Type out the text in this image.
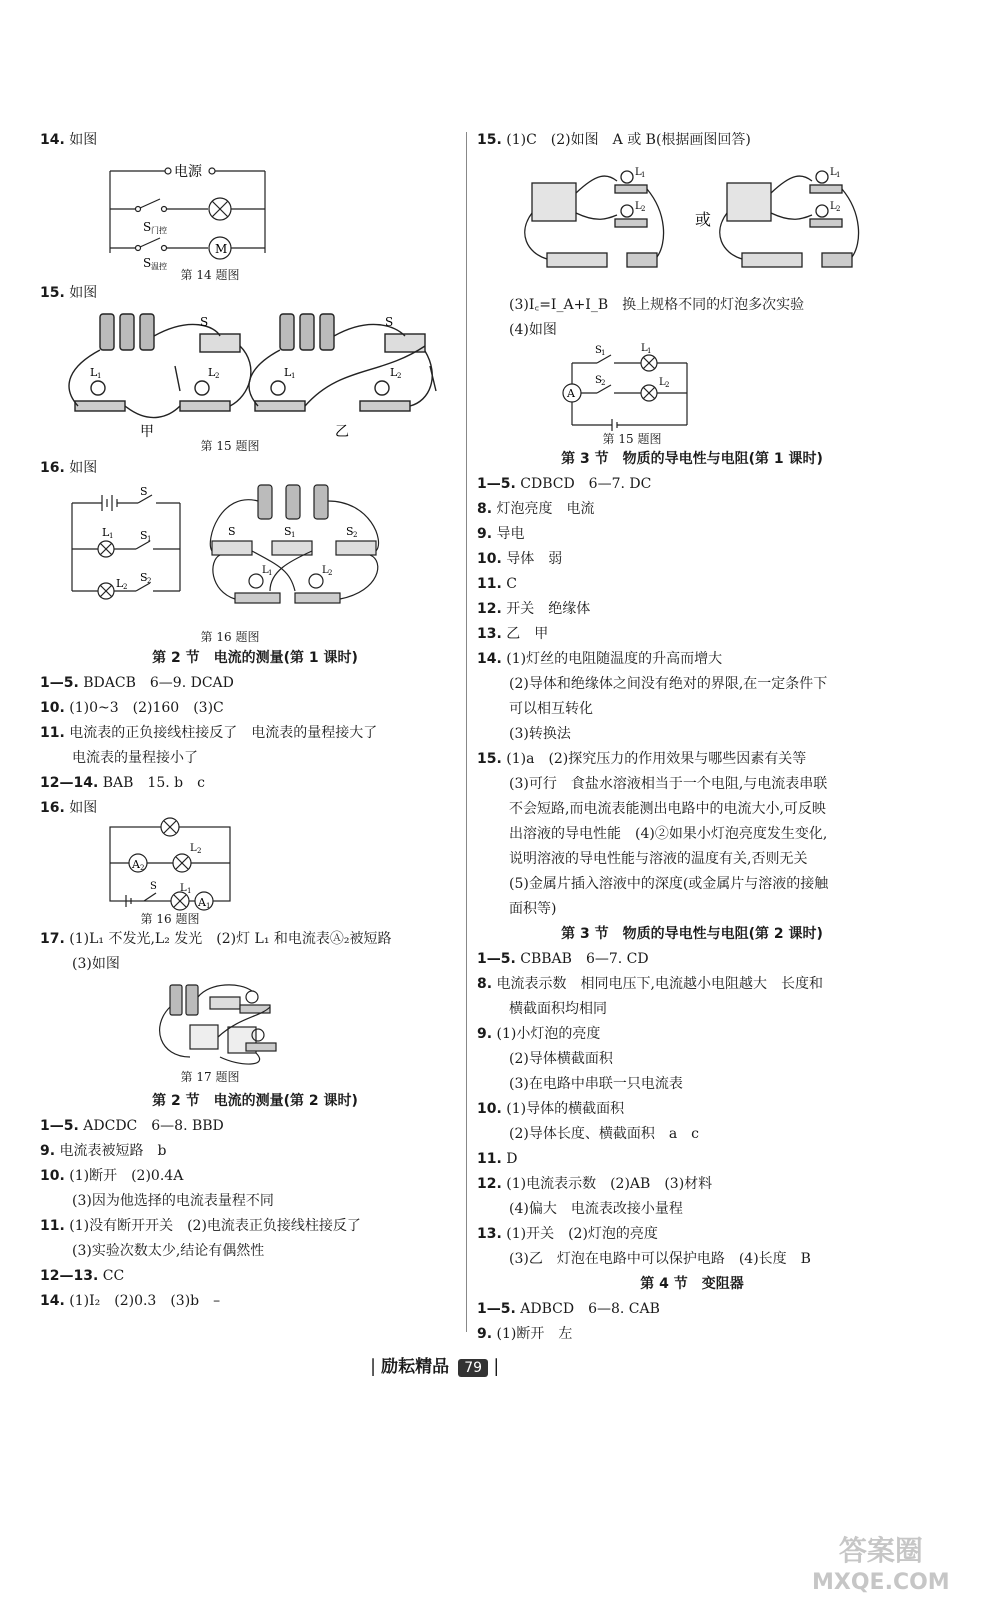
14. 如图
电源
S 门控
S 温控
M
第 14 题图
15. 如图
S	S
L 1	L 2	L 1	L 2
甲	乙
第 15 题图
16. 如图
S
S 1
S 2
L 1
L 2
S	S 1	S 2
L 1	L 2
第 16 题图
第 2 节　电流的测量(第 1 课时)
1—5. BDACB　6—9. DCAD
10. (1)0~3　(2)160　(3)C
11. 电流表的正负接线柱接反了　电流表的量程接大了
电流表的量程接小了
12—14. BAB　15. b　c
16. 如图
A 2
A 1
L 2
L 1
S
第 16 题图
17. (1)L₁ 不发光,L₂ 发光　(2)灯 L₁ 和电流表Ⓐ₂被短路
(3)如图
第 17 题图
第 2 节　电流的测量(第 2 课时)
1—5. ADCDC　6—8. BBD
9. 电流表被短路　b
10. (1)断开　(2)0.4A
(3)因为他选择的电流表量程不同
11. (1)没有断开开关　(2)电流表正负接线柱接反了
(3)实验次数太少,结论有偶然性
12—13. CC
14. (1)I₂　(2)0.3　(3)b　–
15. (1)C　(2)如图　A 或 B(根据画图回答)
或
L 1
L 2
L 1
L 2
(3)I꜀=I_A+I_B　换上规格不同的灯泡多次实验
(4)如图
A
S 1
S 2
L 1
L 2
第 15 题图
第 3 节　物质的导电性与电阻(第 1 课时)
1—5. CDBCD　6—7. DC
8. 灯泡亮度　电流
9. 导电
10. 导体　弱
11. C
12. 开关　绝缘体
13. 乙　甲
14. (1)灯丝的电阻随温度的升高而增大
(2)导体和绝缘体之间没有绝对的界限,在一定条件下
可以相互转化
(3)转换法
15. (1)a　(2)探究压力的作用效果与哪些因素有关等
(3)可行　食盐水溶液相当于一个电阻,与电流表串联
不会短路,而电流表能测出电路中的电流大小,可反映
出溶液的导电性能　(4)②如果小灯泡亮度发生变化,
说明溶液的导电性能与溶液的温度有关,否则无关
(5)金属片插入溶液中的深度(或金属片与溶液的接触
面积等)
第 3 节　物质的导电性与电阻(第 2 课时)
1—5. CBBAB　6—7. CD
8. 电流表示数　相同电压下,电流越小电阻越大　长度和
横截面积均相同
9. (1)小灯泡的亮度
(2)导体横截面积
(3)在电路中串联一只电流表
10. (1)导体的横截面积
(2)导体长度、横截面积　a　c
11. D
12. (1)电流表示数　(2)AB　(3)材料
(4)偏大　电流表改接小量程
13. (1)开关　(2)灯泡的亮度
(3)乙　灯泡在电路中可以保护电路　(4)长度　B
第 4 节　变阻器
1—5. ADBCD　6—8. CAB
9. (1)断开　左
| 励耘精品 79 |
答案圈
MXQE.COM
